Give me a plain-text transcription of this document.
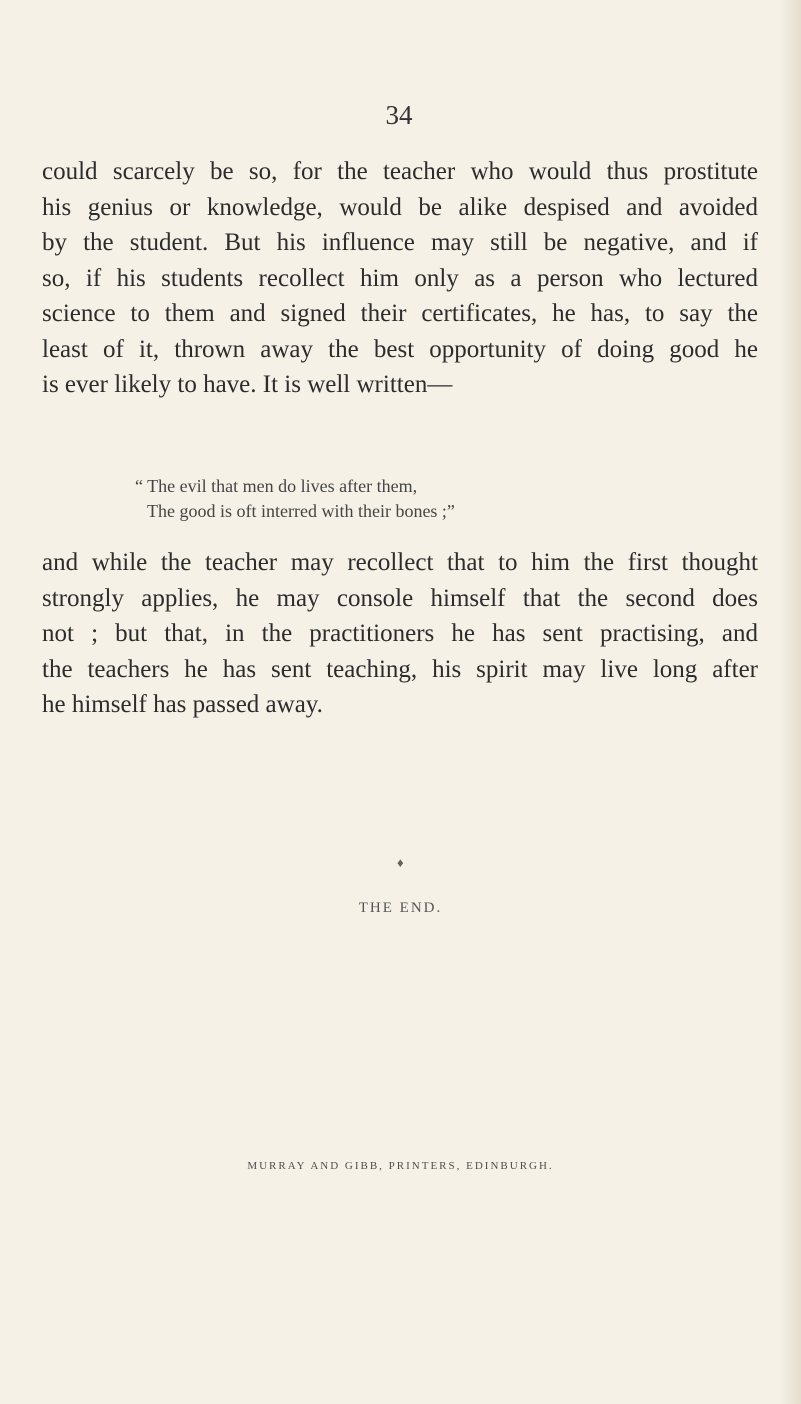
34

could scarcely be so, for the teacher who would thus prostitute
his genius or knowledge, would be alike despised and avoided
by the student. But his influence may still be negative, and if
so, if his students recollect him only as a person who lectured
science to them and signed their certificates, he has, to say the
least of it, thrown away the best opportunity of doing good he
is ever likely to have. It is well written—

“ The evil that men do lives after them,
The good is oft interred with their bones ;”

and while the teacher may recollect that to him the first thought
strongly applies, he may console himself that the second does
not ; but that, in the practitioners he has sent practising, and
the teachers he has sent teaching, his spirit may live long after
he himself has passed away.

♦
THE END.
MURRAY AND GIBB, PRINTERS, EDINBURGH.
